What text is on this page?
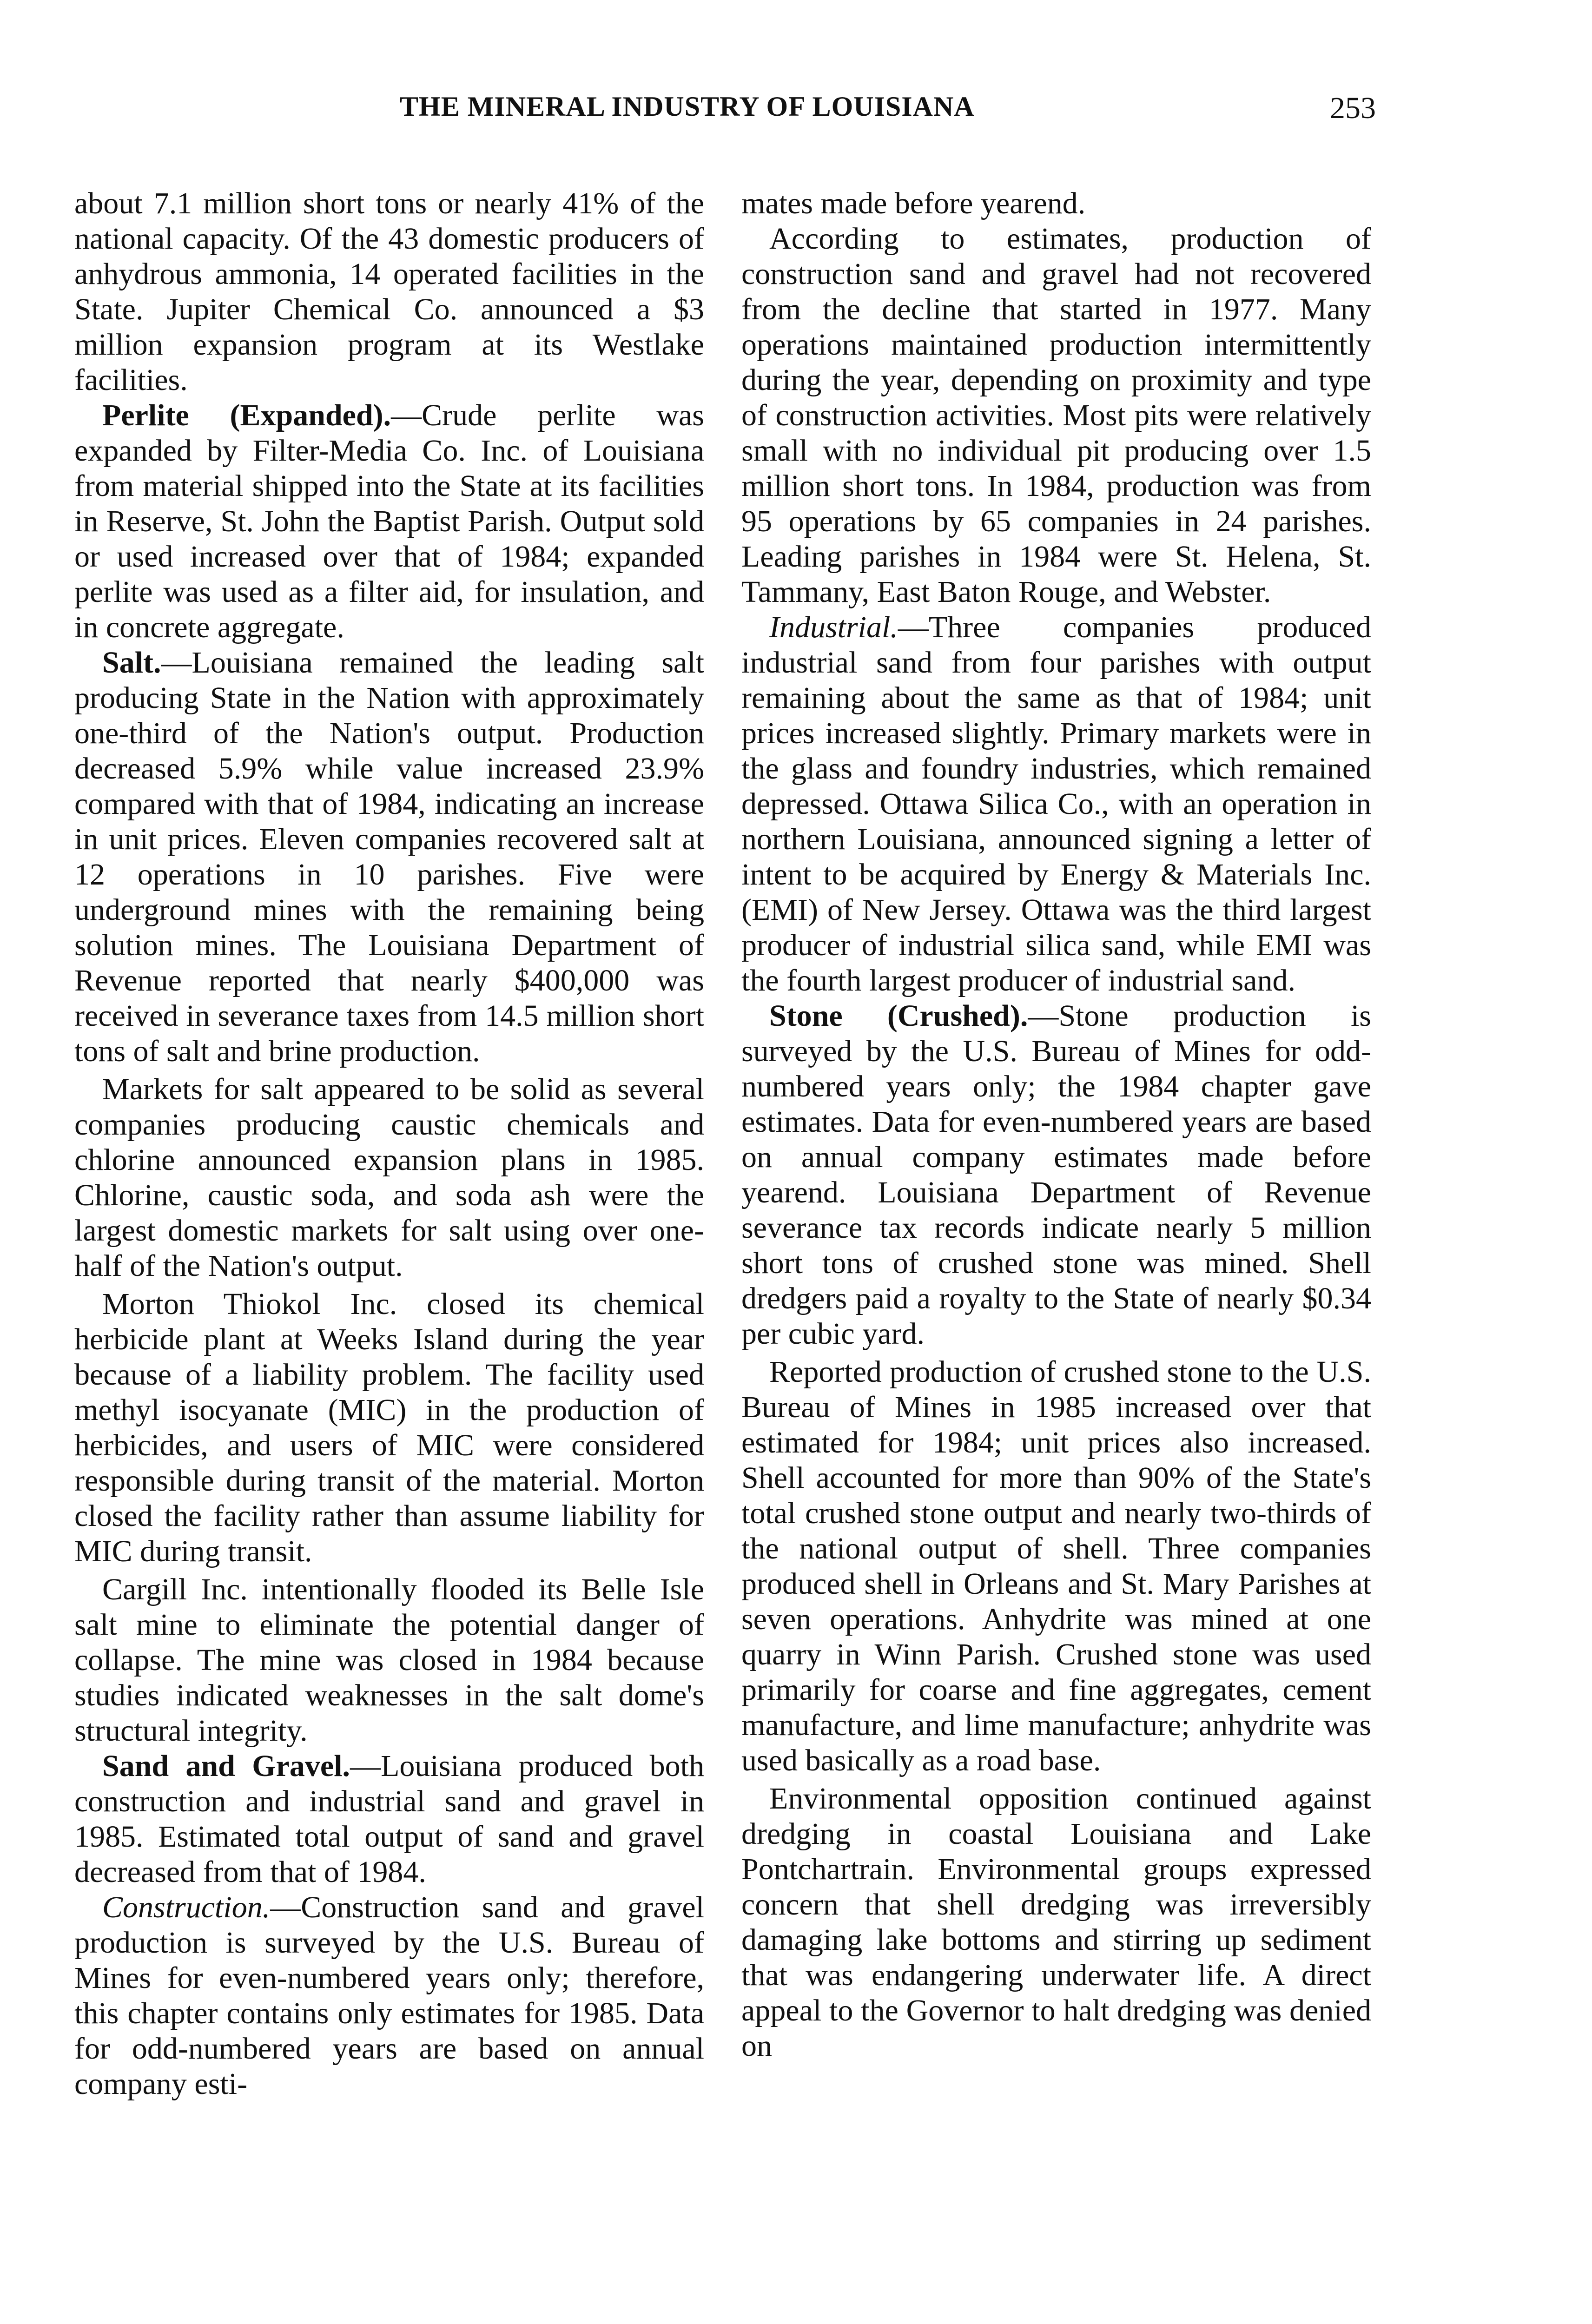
THE MINERAL INDUSTRY OF LOUISIANA	253

about 7.1 million short tons or nearly 41% of the national capacity. Of the 43 domestic producers of anhydrous ammonia, 14 operated facilities in the State. Jupiter Chemical Co. announced a $3 million expansion program at its Westlake facilities.

Perlite (Expanded).—Crude perlite was expanded by Filter-Media Co. Inc. of Louisiana from material shipped into the State at its facilities in Reserve, St. John the Baptist Parish. Output sold or used increased over that of 1984; expanded perlite was used as a filter aid, for insulation, and in concrete aggregate.

Salt.—Louisiana remained the leading salt producing State in the Nation with approximately one-third of the Nation's output. Production decreased 5.9% while value increased 23.9% compared with that of 1984, indicating an increase in unit prices. Eleven companies recovered salt at 12 operations in 10 parishes. Five were underground mines with the remaining being solution mines. The Louisiana Department of Revenue reported that nearly $400,000 was received in severance taxes from 14.5 million short tons of salt and brine production.

Markets for salt appeared to be solid as several companies producing caustic chemicals and chlorine announced expansion plans in 1985. Chlorine, caustic soda, and soda ash were the largest domestic markets for salt using over one-half of the Nation's output.

Morton Thiokol Inc. closed its chemical herbicide plant at Weeks Island during the year because of a liability problem. The facility used methyl isocyanate (MIC) in the production of herbicides, and users of MIC were considered responsible during transit of the material. Morton closed the facility rather than assume liability for MIC during transit.

Cargill Inc. intentionally flooded its Belle Isle salt mine to eliminate the potential danger of collapse. The mine was closed in 1984 because studies indicated weaknesses in the salt dome's structural integrity.

Sand and Gravel.—Louisiana produced both construction and industrial sand and gravel in 1985. Estimated total output of sand and gravel decreased from that of 1984.

Construction.—Construction sand and gravel production is surveyed by the U.S. Bureau of Mines for even-numbered years only; therefore, this chapter contains only estimates for 1985. Data for odd-numbered years are based on annual company esti-

mates made before yearend.

According to estimates, production of construction sand and gravel had not recovered from the decline that started in 1977. Many operations maintained production intermittently during the year, depending on proximity and type of construction activities. Most pits were relatively small with no individual pit producing over 1.5 million short tons. In 1984, production was from 95 operations by 65 companies in 24 parishes. Leading parishes in 1984 were St. Helena, St. Tammany, East Baton Rouge, and Webster.

Industrial.—Three companies produced industrial sand from four parishes with output remaining about the same as that of 1984; unit prices increased slightly. Primary markets were in the glass and foundry industries, which remained depressed. Ottawa Silica Co., with an operation in northern Louisiana, announced signing a letter of intent to be acquired by Energy & Materials Inc. (EMI) of New Jersey. Ottawa was the third largest producer of industrial silica sand, while EMI was the fourth largest producer of industrial sand.

Stone (Crushed).—Stone production is surveyed by the U.S. Bureau of Mines for odd-numbered years only; the 1984 chapter gave estimates. Data for even-numbered years are based on annual company estimates made before yearend. Louisiana Department of Revenue severance tax records indicate nearly 5 million short tons of crushed stone was mined. Shell dredgers paid a royalty to the State of nearly $0.34 per cubic yard.

Reported production of crushed stone to the U.S. Bureau of Mines in 1985 increased over that estimated for 1984; unit prices also increased. Shell accounted for more than 90% of the State's total crushed stone output and nearly two-thirds of the national output of shell. Three companies produced shell in Orleans and St. Mary Parishes at seven operations. Anhydrite was mined at one quarry in Winn Parish. Crushed stone was used primarily for coarse and fine aggregates, cement manufacture, and lime manufacture; anhydrite was used basically as a road base.

Environmental opposition continued against dredging in coastal Louisiana and Lake Pontchartrain. Environmental groups expressed concern that shell dredging was irreversibly damaging lake bottoms and stirring up sediment that was endangering underwater life. A direct appeal to the Governor to halt dredging was denied on
